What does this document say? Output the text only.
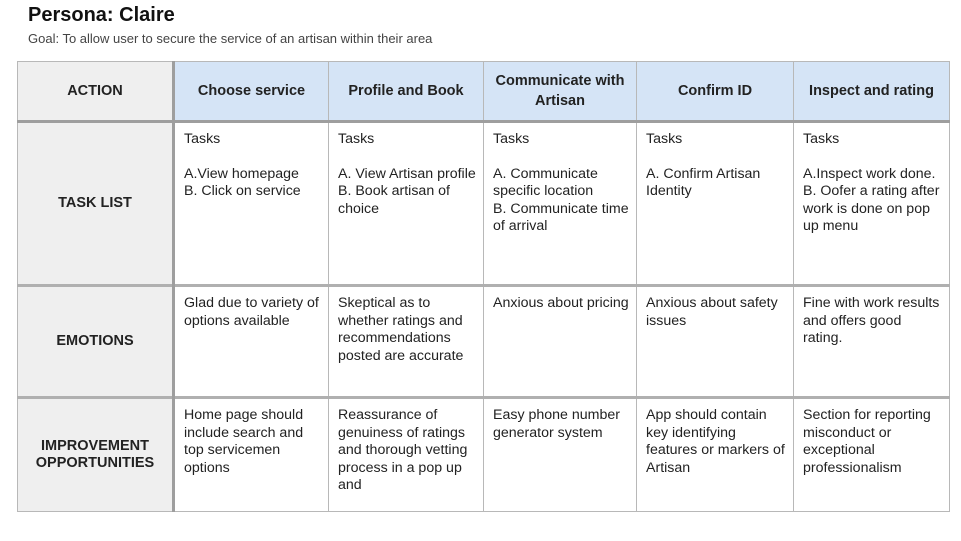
Persona: Claire
Goal: To allow user to secure the service of an artisan within their area
ACTION	Choose service	Profile and Book	Communicate with Artisan	Confirm ID	Inspect and rating
TASK LIST	Tasks
A.View homepage
B. Click on service	Tasks
A. View Artisan profile
B. Book artisan of choice	Tasks
A. Communicate specific location
B. Communicate time of arrival	Tasks
A. Confirm Artisan Identity	Tasks
A.Inspect work done.
B. Oofer a rating after work is done on pop up menu

EMOTIONS	Glad due to variety of options available	Skeptical as to whether ratings and recommendations posted are accurate	Anxious about pricing	Anxious about safety issues	Fine with work results and offers good rating.
IMPROVEMENT OPPORTUNITIES	Home page should include search and top servicemen options	Reassurance of genuiness of ratings and thorough vetting process in a pop up and	Easy phone number generator system	App should contain key identifying features or markers of Artisan	Section for reporting misconduct or exceptional professionalism
